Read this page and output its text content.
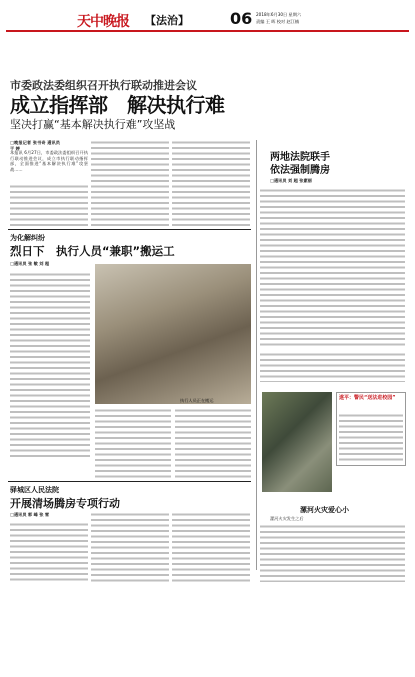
天中晚报 【法治】	06 2018年6月30日 星期六
责编 王 晖 校对 赵江楠
市委政法委组织召开执行联动推进会议
成立指挥部　解决执行难
坚决打赢“基本解决执行难”攻坚战
□晚报记者 张书奇 通讯员 于 婷
本报讯 6月27日，市委政法委组织召开执行联动推进会议，成立市执行联动指挥部，全面推进“基本解决执行难”攻坚战……
为化解纠纷
烈日下　执行人员“兼职”搬运工
□通讯员 张 敏 刘 超
执行人员正在搬运
驿城区人民法院
开展清场腾房专项行动
□通讯员 郭 峰 张 雪
两地法院联手
依法强制腾房
□通讯员 刘 超 张素丽
遂平：警民“送法进校园”
漯河火灾爱心小
漯河火灾发生之后
